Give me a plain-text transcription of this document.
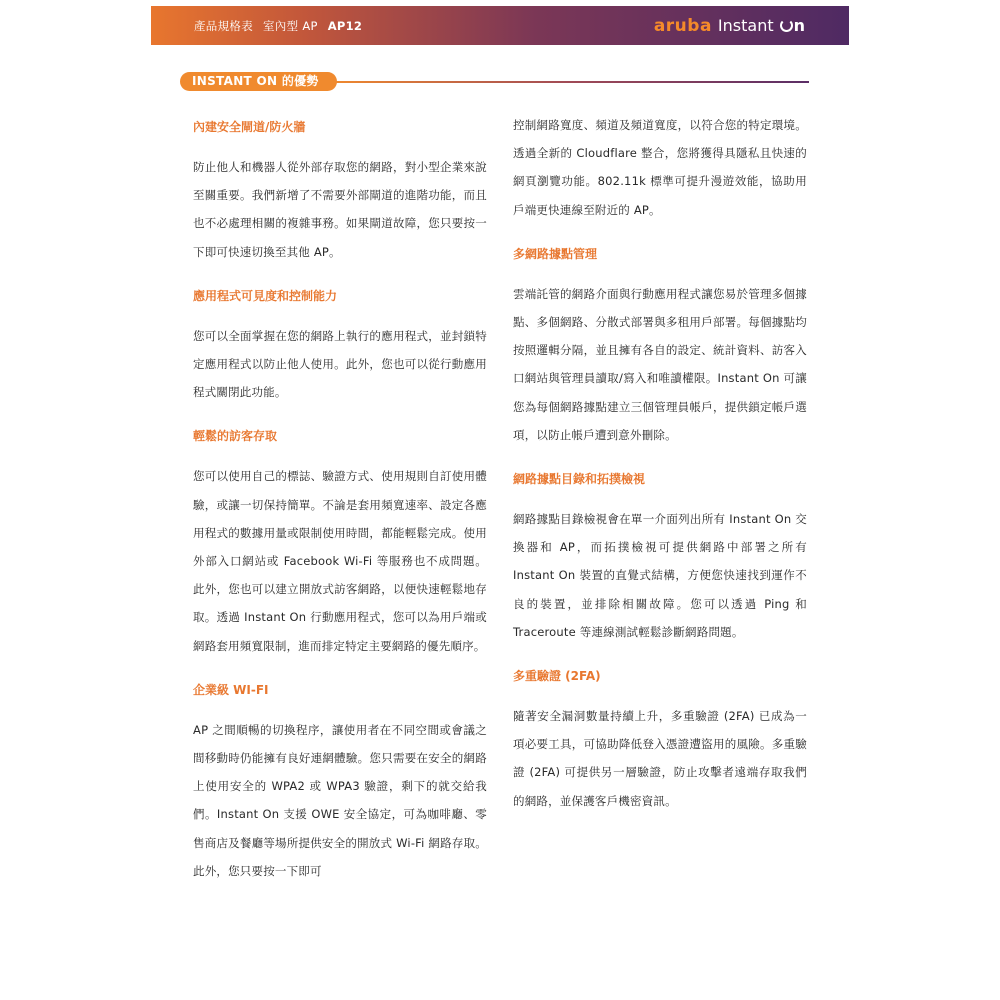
產品規格表 室內型 AP AP12	aruba Instant n
INSTANT ON 的優勢
內建安全閘道/防火牆

防止他人和機器人從外部存取您的網路，對小型企業來說至關重要。我們新增了不需要外部閘道的進階功能，而且也不必處理相關的複雜事務。如果閘道故障，您只要按一下即可快速切換至其他 AP。

應用程式可見度和控制能力

您可以全面掌握在您的網路上執行的應用程式，並封鎖特定應用程式以防止他人使用。此外，您也可以從行動應用程式關閉此功能。

輕鬆的訪客存取

您可以使用自己的標誌、驗證方式、使用規則自訂使用體驗，或讓一切保持簡單。不論是套用頻寬速率、設定各應用程式的數據用量或限制使用時間，都能輕鬆完成。使用外部入口網站或 Facebook Wi-Fi 等服務也不成問題。此外，您也可以建立開放式訪客網路，以便快速輕鬆地存取。透過 Instant On 行動應用程式，您可以為用戶端或網路套用頻寬限制，進而排定特定主要網路的優先順序。

企業級 WI-FI

AP 之間順暢的切換程序，讓使用者在不同空間或會議之間移動時仍能擁有良好連網體驗。您只需要在安全的網路上使用安全的 WPA2 或 WPA3 驗證，剩下的就交給我們。Instant On 支援 OWE 安全協定，可為咖啡廳、零售商店及餐廳等場所提供安全的開放式 Wi-Fi 網路存取。此外，您只要按一下即可

控制網路寬度、頻道及頻道寬度，以符合您的特定環境。透過全新的 Cloudflare 整合，您將獲得具隱私且快速的網頁瀏覽功能。802.11k 標準可提升漫遊效能，協助用戶端更快連線至附近的 AP。

多網路據點管理

雲端託管的網路介面與行動應用程式讓您易於管理多個據點、多個網路、分散式部署與多租用戶部署。每個據點均按照邏輯分隔，並且擁有各自的設定、統計資料、訪客入口網站與管理員讀取/寫入和唯讀權限。Instant On 可讓您為每個網路據點建立三個管理員帳戶，提供鎖定帳戶選項，以防止帳戶遭到意外刪除。

網路據點目錄和拓撲檢視

網路據點目錄檢視會在單一介面列出所有 Instant On 交換器和 AP，而拓撲檢視可提供網路中部署之所有 Instant On 裝置的直覺式結構，方便您快速找到運作不良的裝置，並排除相關故障。您可以透過 Ping 和 Traceroute 等連線測試輕鬆診斷網路問題。

多重驗證 (2FA)

隨著安全漏洞數量持續上升，多重驗證 (2FA) 已成為一項必要工具，可協助降低登入憑證遭盜用的風險。多重驗證 (2FA) 可提供另一層驗證，防止攻擊者遠端存取我們的網路，並保護客戶機密資訊。
